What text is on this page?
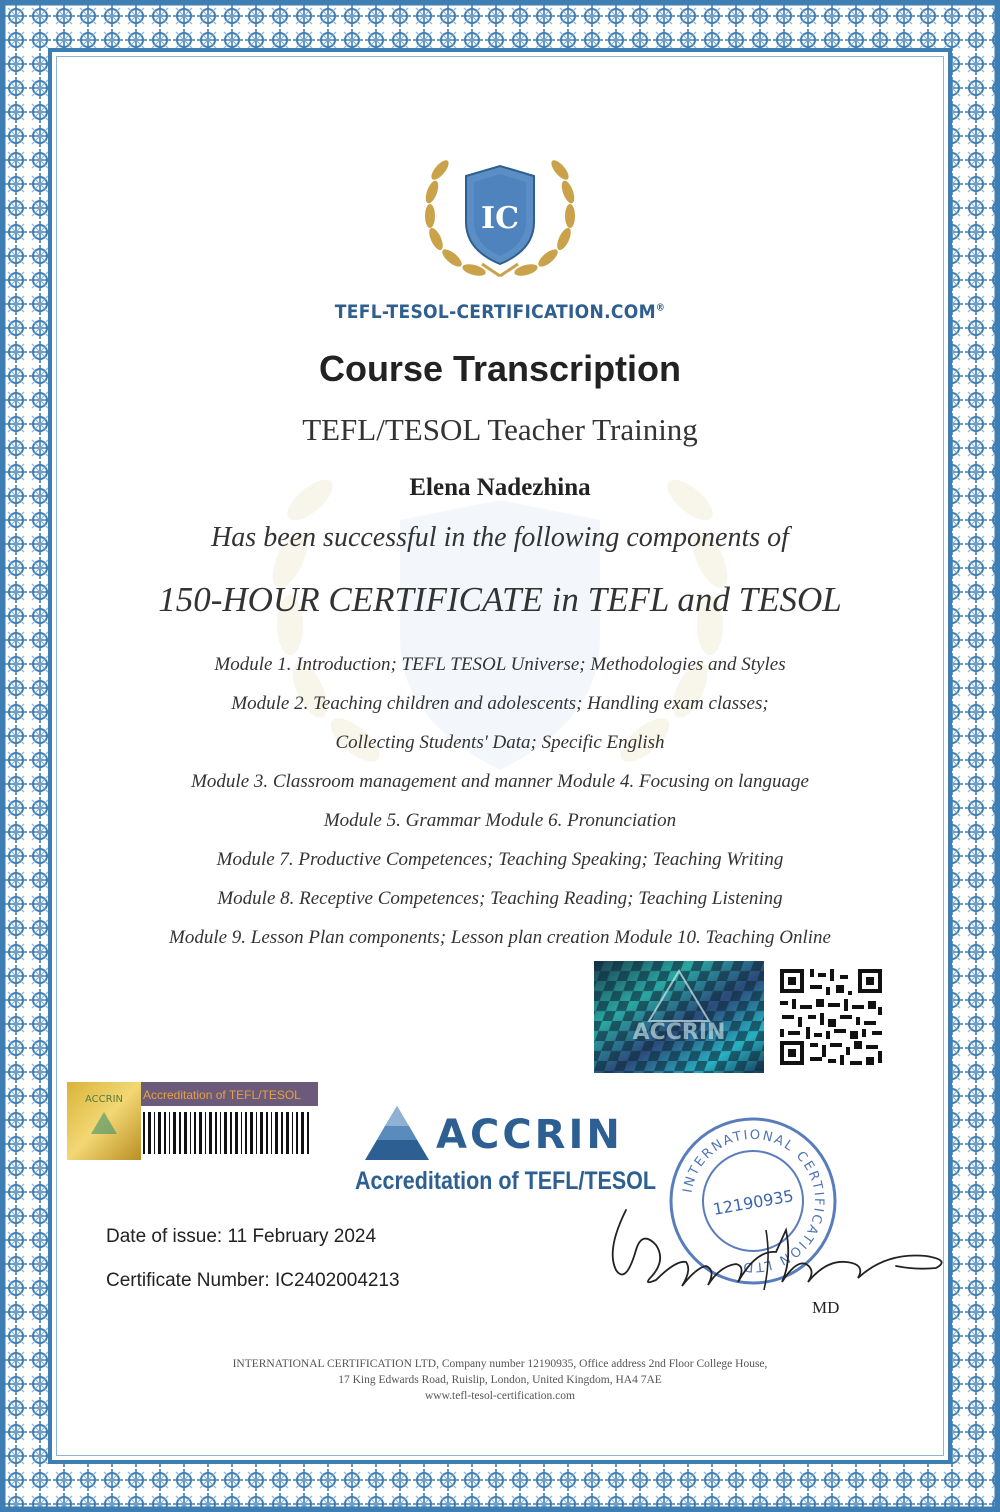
IC
TEFL-TESOL-CERTIFICATION.COM®
Course Transcription
TEFL/TESOL Teacher Training
Elena Nadezhina
Has been successful in the following components of
150-HOUR CERTIFICATE in TEFL and TESOL
Module 1. Introduction; TEFL TESOL Universe; Methodologies and Styles
Module 2. Teaching children and adolescents; Handling exam classes;
Collecting Students' Data; Specific English
Module 3. Classroom management and manner Module 4. Focusing on language
Module 5. Grammar Module 6. Pronunciation
Module 7. Productive Competences; Teaching Speaking; Teaching Writing
Module 8. Receptive Competences; Teaching Reading; Teaching Listening
Module 9. Lesson Plan components; Lesson plan creation Module 10. Teaching Online
ACCRIN
ACCRIN Accreditation of TEFL/TESOL
ACCRIN
Accreditation of TEFL/TESOL
Date of issue: 11 February 2024
Certificate Number: IC2402004213
INTERNATIONAL CERTIFICATION LTD
12190935
MD
INTERNATIONAL CERTIFICATION LTD, Company number 12190935, Office address 2nd Floor College House,
17 King Edwards Road, Ruislip, London, United Kingdom, HA4 7AE
www.tefl-tesol-certification.com
